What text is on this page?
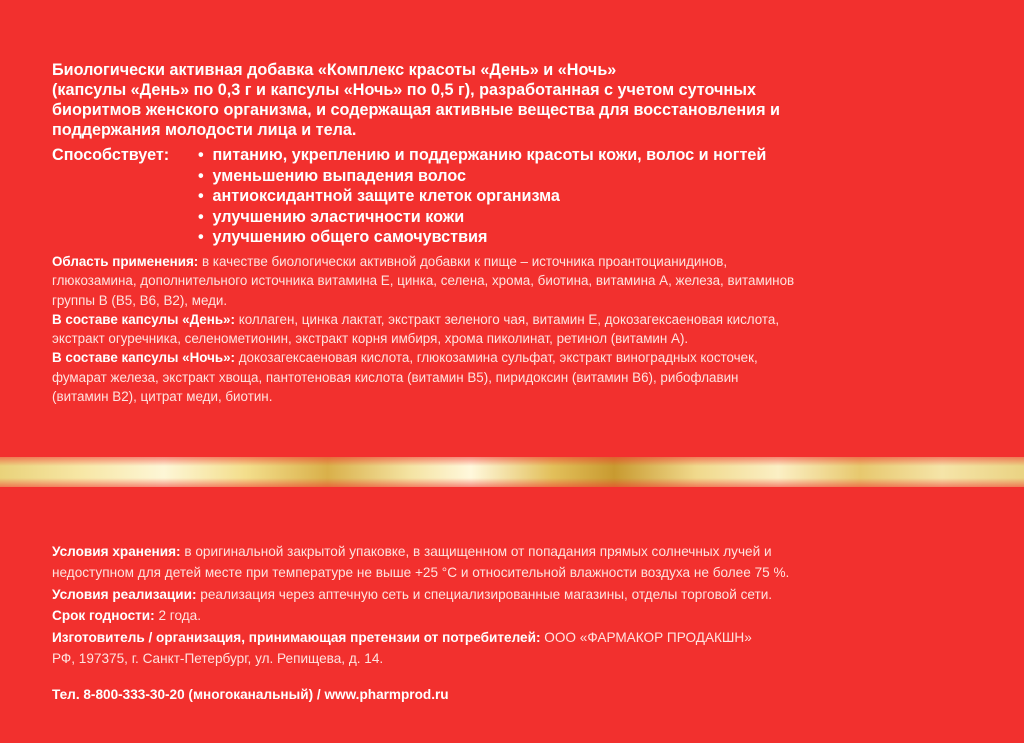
Биологически активная добавка «Комплекс красоты «День» и «Ночь»

(капсулы «День» по 0,3 г и капсулы «Ночь» по 0,5 г), разработанная с учетом суточных

биоритмов женского организма, и содержащая активные вещества для восстановления и

поддержания молодости лица и тела.

Способствует: • питанию, укреплению и поддержанию красоты кожи, волос и ногтей
• уменьшению выпадения волос
• антиоксидантной защите клеток организма
• улучшению эластичности кожи
• улучшению общего самочувствия

Область применения: в качестве биологически активной добавки к пище – источника проантоцианидинов,

глюкозамина, дополнительного источника витамина Е, цинка, селена, хрома, биотина, витамина А, железа, витаминов

группы В (В5, В6, В2), меди.

В составе капсулы «День»: коллаген, цинка лактат, экстракт зеленого чая, витамин Е, докозагексаеновая кислота,

экстракт огуречника, селенометионин, экстракт корня имбиря, хрома пиколинат, ретинол (витамин А).

В составе капсулы «Ночь»: докозагексаеновая кислота, глюкозамина сульфат, экстракт виноградных косточек,

фумарат железа, экстракт хвоща, пантотеновая кислота (витамин В5), пиридоксин (витамин В6), рибофлавин

(витамин В2), цитрат меди, биотин.

Условия хранения: в оригинальной закрытой упаковке, в защищенном от попадания прямых солнечных лучей и

недоступном для детей месте при температуре не выше +25 °С и относительной влажности воздуха не более 75 %.

Условия реализации: реализация через аптечную сеть и специализированные магазины, отделы торговой сети.

Срок годности: 2 года.

Изготовитель / организация, принимающая претензии от потребителей: ООО «ФАРМАКОР ПРОДАКШН»

РФ, 197375, г. Санкт-Петербург, ул. Репищева, д. 14.

Тел. 8-800-333-30-20 (многоканальный) / www.pharmprod.ru
